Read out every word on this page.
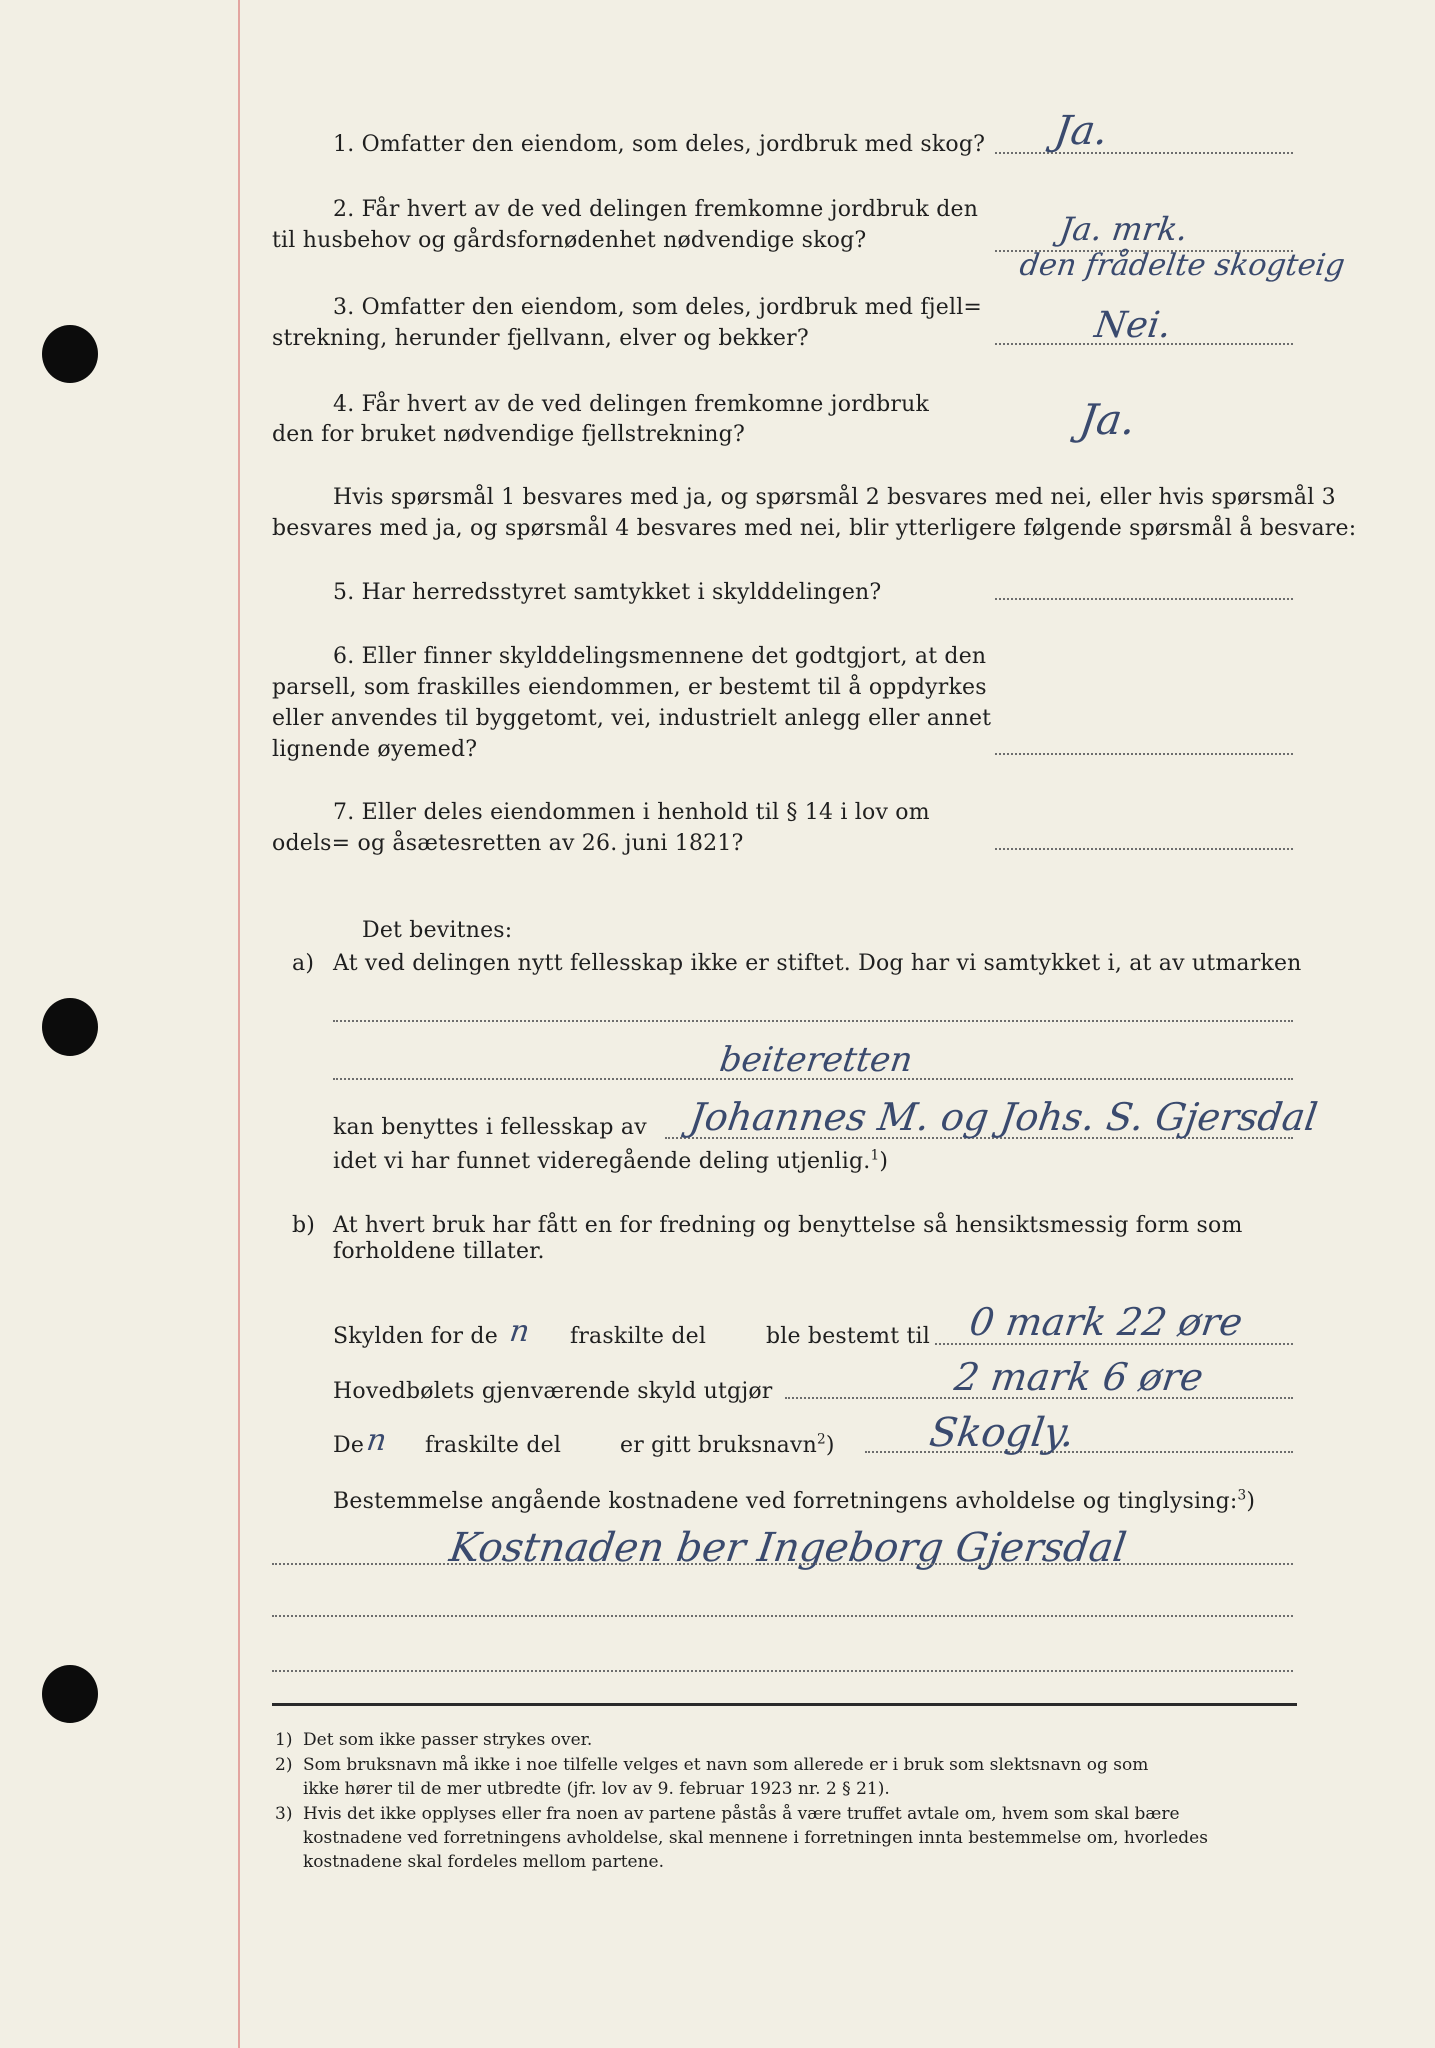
1. Omfatter den eiendom, som deles, jordbruk med skog? Ja.
2. Får hvert av de ved delingen fremkomne jordbruk den
til husbehov og gårdsfornødenhet nødvendige skog?	Ja. mrk.
den frådelte skogteig
3. Omfatter den eiendom, som deles, jordbruk med fjell=
strekning, herunder fjellvann, elver og bekker?	Nei.
4. Får hvert av de ved delingen fremkomne jordbruk
den for bruket nødvendige fjellstrekning?	Ja.
Hvis spørsmål 1 besvares med ja, og spørsmål 2 besvares med nei, eller hvis spørsmål 3
besvares med ja, og spørsmål 4 besvares med nei, blir ytterligere følgende spørsmål å besvare:
5. Har herredsstyret samtykket i skylddelingen?
6. Eller finner skylddelingsmennene det godtgjort, at den
parsell, som fraskilles eiendommen, er bestemt til å oppdyrkes
eller anvendes til byggetomt, vei, industrielt anlegg eller annet
lignende øyemed?
7. Eller deles eiendommen i henhold til § 14 i lov om
odels= og åsætesretten av 26. juni 1821?
Det bevitnes:
a) At ved delingen nytt fellesskap ikke er stiftet. Dog har vi samtykket i, at av utmarken
beiteretten
kan benyttes i fellesskap av Johannes M. og Johs. S. Gjersdal
idet vi har funnet videregående deling utjenlig.$^1$)
b) At hvert bruk har fått en for fredning og benyttelse så hensiktsmessig form som
forholdene tillater.
Skylden for de n fraskilte del	ble bestemt til 0 mark 22 øre
Hovedbølets gjenværende skyld utgjør	2 mark 6 øre
De n fraskilte del	er gitt bruksnavn$^2$) Skogly.
Bestemmelse angående kostnadene ved forretningens avholdelse og tinglysing:$^3$)
Kostnaden ber Ingeborg Gjersdal
1) Det som ikke passer strykes over.
2) Som bruksnavn må ikke i noe tilfelle velges et navn som allerede er i bruk som slektsnavn og som
ikke hører til de mer utbredte (jfr. lov av 9. februar 1923 nr. 2 § 21).
3) Hvis det ikke opplyses eller fra noen av partene påstås å være truffet avtale om, hvem som skal bære
kostnadene ved forretningens avholdelse, skal mennene i forretningen innta bestemmelse om, hvorledes
kostnadene skal fordeles mellom partene.
